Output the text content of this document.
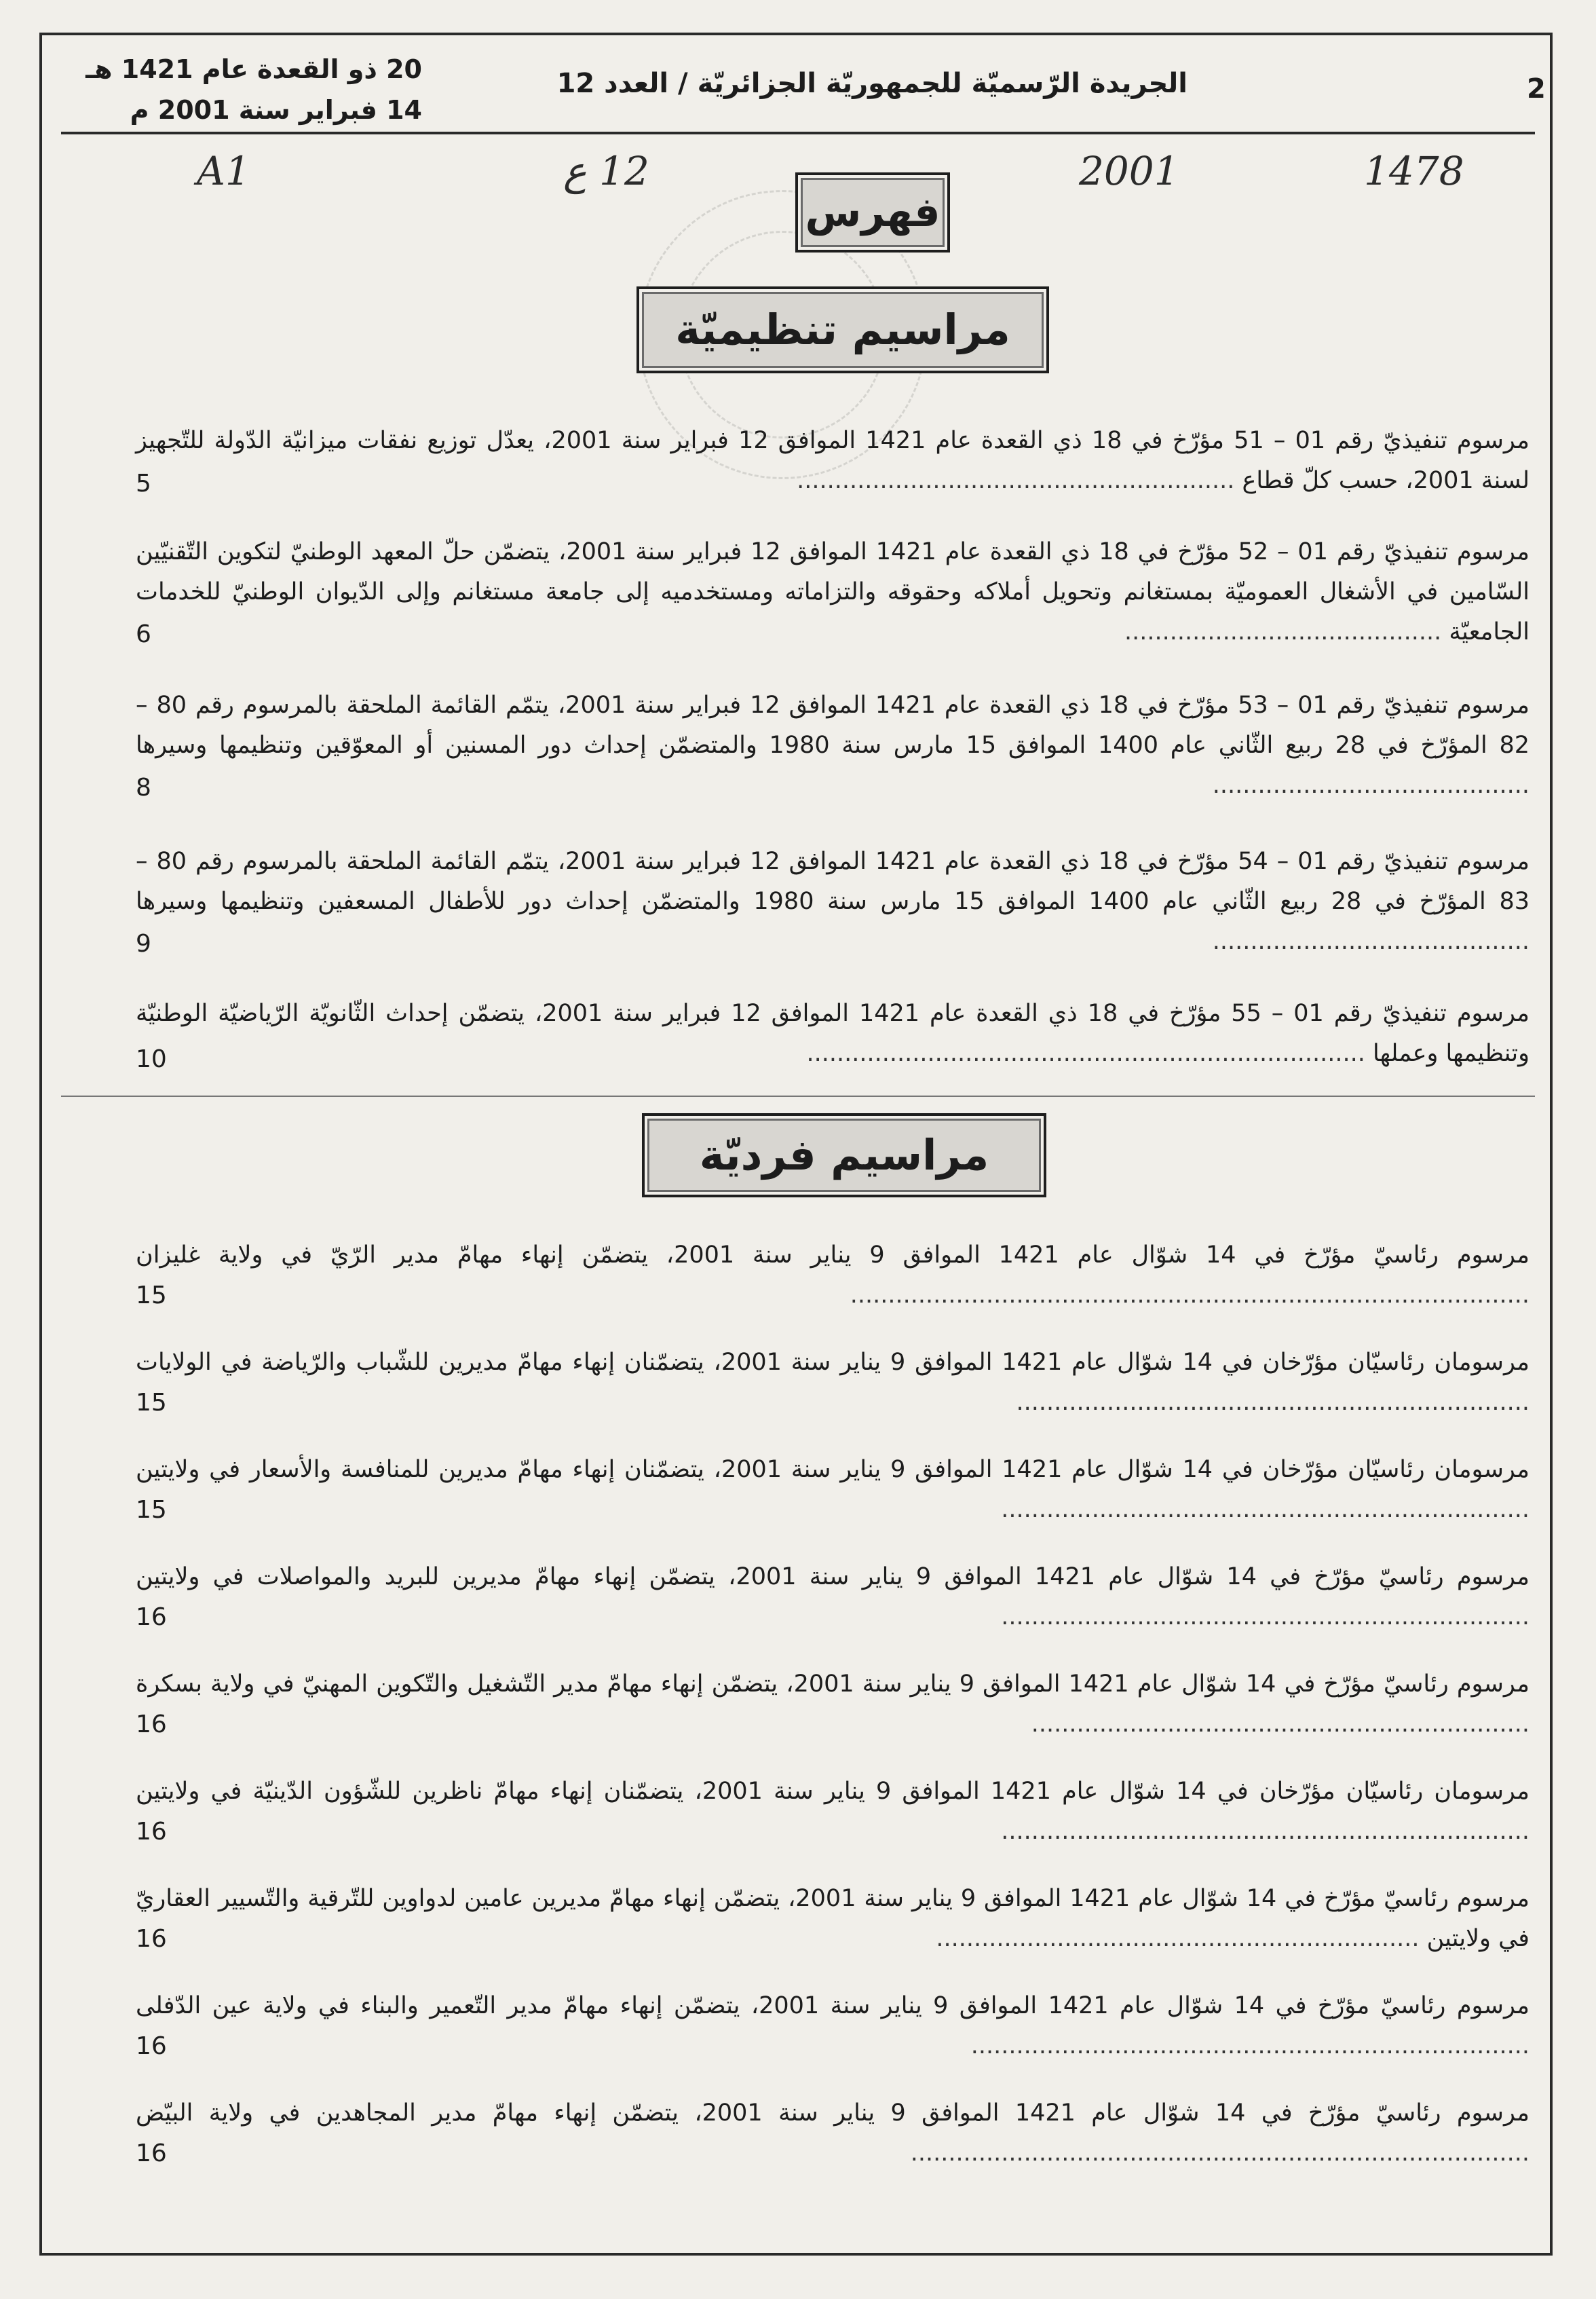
20 ذو القعدة عام 1421 هـ
14 فبراير سنة 2001 م
الجريدة الرّسميّة للجمهوريّة الجزائريّة / العدد 12	2
A1	12 ع	2001	1478
فهرس
مراسيم تنظيميّة
مرسوم تنفيذيّ رقم 01 – 51 مؤرّخ في 18 ذي القعدة عام 1421 الموافق 12 فبراير سنة 2001، يعدّل توزيع نفقات ميزانيّة الدّولة للتّجهيز لسنة 2001، حسب كلّ قطاع ..........................................................
5
مرسوم تنفيذيّ رقم 01 – 52 مؤرّخ في 18 ذي القعدة عام 1421 الموافق 12 فبراير سنة 2001، يتضمّن حلّ المعهد الوطنيّ لتكوين التّقنيّين السّامين في الأشغال العموميّة بمستغانم وتحويل أملاكه وحقوقه والتزاماته ومستخدميه إلى جامعة مستغانم وإلى الدّيوان الوطنيّ للخدمات الجامعيّة ..........................................
6
مرسوم تنفيذيّ رقم 01 – 53 مؤرّخ في 18 ذي القعدة عام 1421 الموافق 12 فبراير سنة 2001، يتمّم القائمة الملحقة بالمرسوم رقم 80 – 82 المؤرّخ في 28 ربيع الثّاني عام 1400 الموافق 15 مارس سنة 1980 والمتضمّن إحداث دور المسنين أو المعوّقين وتنظيمها وسيرها ..........................................
8
مرسوم تنفيذيّ رقم 01 – 54 مؤرّخ في 18 ذي القعدة عام 1421 الموافق 12 فبراير سنة 2001، يتمّم القائمة الملحقة بالمرسوم رقم 80 – 83 المؤرّخ في 28 ربيع الثّاني عام 1400 الموافق 15 مارس سنة 1980 والمتضمّن إحداث دور للأطفال المسعفين وتنظيمها وسيرها ..........................................
9
مرسوم تنفيذيّ رقم 01 – 55 مؤرّخ في 18 ذي القعدة عام 1421 الموافق 12 فبراير سنة 2001، يتضمّن إحداث الثّانويّة الرّياضيّة الوطنيّة وتنظيمها وعملها ..........................................................................
10
مراسيم فرديّة
مرسوم رئاسيّ مؤرّخ في 14 شوّال عام 1421 الموافق 9 يناير سنة 2001، يتضمّن إنهاء مهامّ مدير الرّيّ في ولاية غليزان ..........................................................................................
15
مرسومان رئاسيّان مؤرّخان في 14 شوّال عام 1421 الموافق 9 يناير سنة 2001، يتضمّنان إنهاء مهامّ مديرين للشّباب والرّياضة في الولايات ....................................................................
15
مرسومان رئاسيّان مؤرّخان في 14 شوّال عام 1421 الموافق 9 يناير سنة 2001، يتضمّنان إنهاء مهامّ مديرين للمنافسة والأسعار في ولايتين ......................................................................
15
مرسوم رئاسيّ مؤرّخ في 14 شوّال عام 1421 الموافق 9 يناير سنة 2001، يتضمّن إنهاء مهامّ مديرين للبريد والمواصلات في ولايتين ......................................................................
16
مرسوم رئاسيّ مؤرّخ في 14 شوّال عام 1421 الموافق 9 يناير سنة 2001، يتضمّن إنهاء مهامّ مدير التّشغيل والتّكوين المهنيّ في ولاية بسكرة ..................................................................
16
مرسومان رئاسيّان مؤرّخان في 14 شوّال عام 1421 الموافق 9 يناير سنة 2001، يتضمّنان إنهاء مهامّ ناظرين للشّؤون الدّينيّة في ولايتين ......................................................................
16
مرسوم رئاسيّ مؤرّخ في 14 شوّال عام 1421 الموافق 9 يناير سنة 2001، يتضمّن إنهاء مهامّ مديرين عامين لدواوين للتّرقية والتّسيير العقاريّ في ولايتين ................................................................
16
مرسوم رئاسيّ مؤرّخ في 14 شوّال عام 1421 الموافق 9 يناير سنة 2001، يتضمّن إنهاء مهامّ مدير التّعمير والبناء في ولاية عين الدّفلى ..........................................................................
16
مرسوم رئاسيّ مؤرّخ في 14 شوّال عام 1421 الموافق 9 يناير سنة 2001، يتضمّن إنهاء مهامّ مدير المجاهدين في ولاية البيّض ..................................................................................
16
